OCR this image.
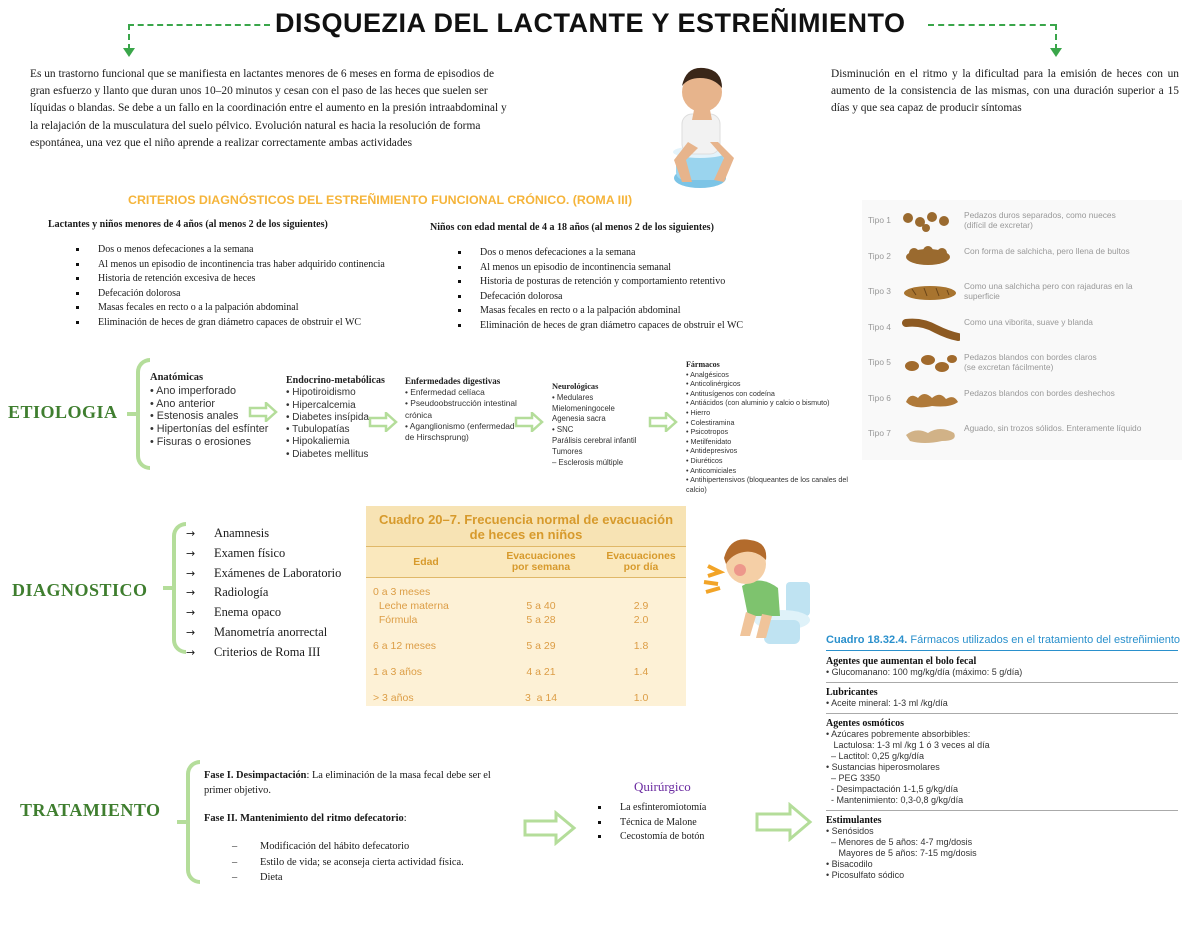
DISQUEZIA DEL LACTANTE Y ESTREÑIMIENTO
Es un trastorno funcional que se manifiesta en lactantes menores de 6 meses en forma de episodios de gran esfuerzo y llanto que duran unos 10–20 minutos y cesan con el paso de las heces que suelen ser líquidas o blandas. Se debe a un fallo en la coordinación entre el aumento en la presión intraabdominal y la relajación de la musculatura del suelo pélvico. Evolución natural es hacia la resolución de forma espontánea, una vez que el niño aprende a realizar correctamente ambas actividades
Disminución en el ritmo y la dificultad para la emisión de heces con un aumento de la consistencia de las mismas, con una duración superior a 15 días y que sea capaz de producir síntomas
CRITERIOS DIAGNÓSTICOS DEL ESTREÑIMIENTO FUNCIONAL CRÓNICO. (ROMA III)
Lactantes y niños menores de 4 años (al menos 2 de los siguientes)
Dos o menos defecaciones a la semana
Al menos un episodio de incontinencia tras haber adquirido continencia
Historia de retención excesiva de heces
Defecación dolorosa
Masas fecales en recto o a la palpación abdominal
Eliminación de heces de gran diámetro capaces de obstruir el WC
Niños con edad mental de 4 a 18 años (al menos 2 de los siguientes)
Dos o menos defecaciones a la semana
Al menos un episodio de incontinencia semanal
Historia de posturas de retención y comportamiento retentivo
Defecación dolorosa
Masas fecales en recto o a la palpación abdominal
Eliminación de heces de gran diámetro capaces de obstruir el WC
Tipo 1	Pedazos duros separados, como nueces
(difícil de excretar)
Tipo 2	Con forma de salchicha, pero llena de bultos
Tipo 3	Como una salchicha pero con rajaduras en la
superficie
Tipo 4	Como una viborita, suave y blanda
Tipo 5	Pedazos blandos con bordes claros
(se excretan fácilmente)
Tipo 6	Pedazos blandos con bordes deshechos
Tipo 7	Aguado, sin trozos sólidos. Enteramente líquido
ETIOLOGIA
Anatómicas
• Ano imperforado
• Ano anterior
• Estenosis anales
• Hipertonías del esfínter
• Fisuras o erosiones
Endocrino-metabólicas
• Hipotiroidismo
• Hipercalcemia
• Diabetes insípida
• Tubulopatías
• Hipokaliemia
• Diabetes mellitus
Enfermedades digestivas
• Enfermedad celíaca
• Pseudoobstrucción intestinal
crónica
• Aganglionismo (enfermedad
de Hirschsprung)
Neurológicas
• Medulares
Mielomeningocele
Agenesia sacra
• SNC
Parálisis cerebral infantil
Tumores
– Esclerosis múltiple
Fármacos
• Analgésicos
• Anticolinérgicos
• Antitusígenos con codeína
• Antiácidos (con aluminio y calcio o bismuto)
• Hierro
• Colestiramina
• Psicotropos
• Metilfenidato
• Antidepresivos
• Diuréticos
• Anticomiciales
• Antihipertensivos (bloqueantes de los canales del
calcio)
DIAGNOSTICO
→ Anamnesis
→ Examen físico
→ Exámenes de Laboratorio
→ Radiología
→ Enema opaco
→ Manometría anorrectal
→ Criterios de Roma III
Cuadro 20–7. Frecuencia normal de evacuación
de heces en niños
Edad
Evacuaciones
por semana
Evacuaciones
por día
0 a 3 meses
Leche materna	5 a 40	2.9
Fórmula	5 a 28	2.0
6 a 12 meses	5 a 29	1.8
1 a 3 años	4 a 21	1.4
> 3 años	3  a 14	1.0
Cuadro 18.32.4. Fármacos utilizados en el tratamiento del estreñimiento
Agentes que aumentan el bolo fecal
• Glucomanano: 100 mg/kg/día (máximo: 5 g/día)
Lubricantes
• Aceite mineral: 1-3 ml /kg/día
Agentes osmóticos
• Azúcares pobremente absorbibles:
Lactulosa: 1-3 ml /kg 1 ó 3 veces al día
– Lactitol: 0,25 g/kg/día
• Sustancias hiperosmolares
– PEG 3350
- Desimpactación 1-1,5 g/kg/día
- Mantenimiento: 0,3-0,8 g/kg/día
Estimulantes
• Senósidos
– Menores de 5 años: 4-7 mg/dosis
Mayores de 5 años: 7-15 mg/dosis
• Bisacodilo
• Picosulfato sódico
TRATAMIENTO
Fase I. Desimpactación: La eliminación de la masa fecal debe ser el primer objetivo.
Fase II. Mantenimiento del ritmo defecatorio:
– Modificación del hábito defecatorio
– Estilo de vida; se aconseja cierta actividad física.
– Dieta
Quirúrgico
La esfinteromiotomía
Técnica de Malone
Cecostomía de botón
